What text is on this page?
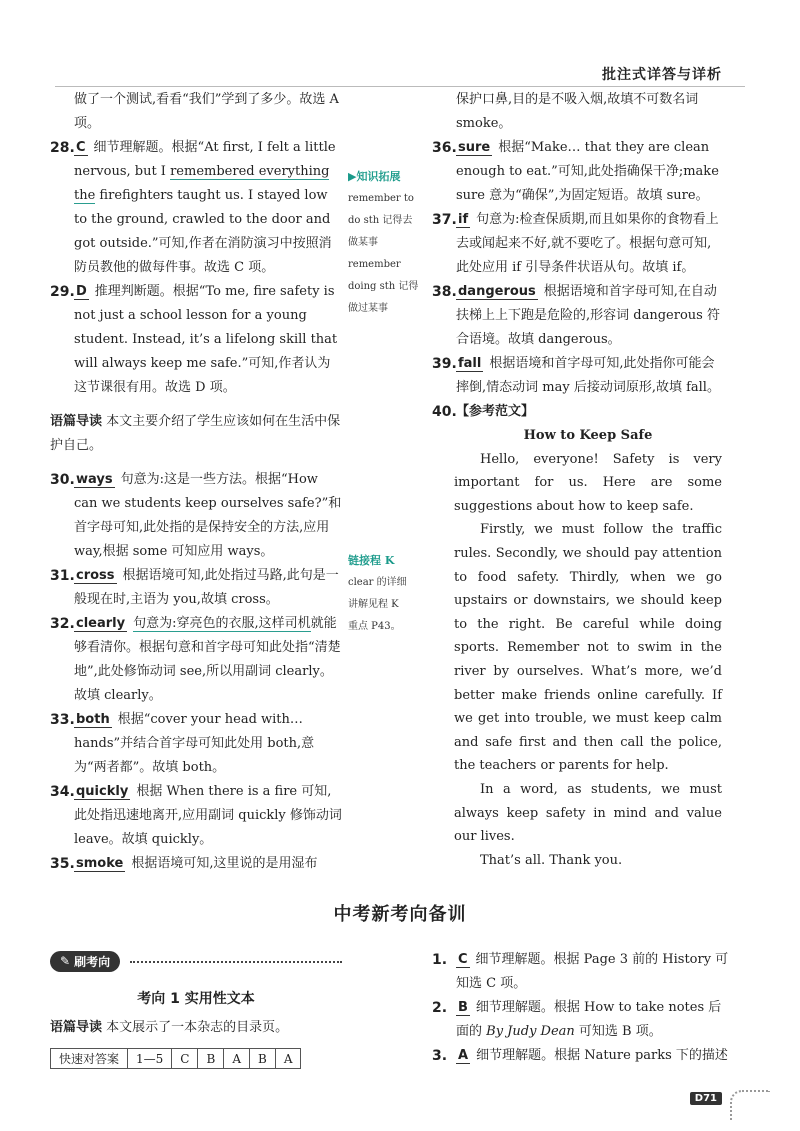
批注式详答与详析
做了一个测试,看看“我们”学到了多少。故选 A 项。
28. C 细节理解题。根据“At first, I felt a little nervous, but I remembered everything the firefighters taught us. I stayed low to the ground, crawled to the door and got outside.”可知,作者在消防演习中按照消防员教他的做每件事。故选 C 项。
29. D 推理判断题。根据“To me, fire safety is not just a school lesson for a young student. Instead, it’s a lifelong skill that will always keep me safe.”可知,作者认为这节课很有用。故选 D 项。
语篇导读 本文主要介绍了学生应该如何在生活中保护自己。
30. ways 句意为:这是一些方法。根据“How can we students keep ourselves safe?”和首字母可知,此处指的是保持安全的方法,应用 way,根据 some 可知应用 ways。
31. cross 根据语境可知,此处指过马路,此句是一般现在时,主语为 you,故填 cross。
32. clearly 句意为:穿亮色的衣服,这样司机就能够看清你。根据句意和首字母可知此处指“清楚地”,此处修饰动词 see,所以用副词 clearly。故填 clearly。
33. both 根据“cover your head with… hands”并结合首字母可知此处用 both,意为“两者都”。故填 both。
34. quickly 根据 When there is a fire 可知,此处指迅速地离开,应用副词 quickly 修饰动词 leave。故填 quickly。
35. smoke 根据语境可知,这里说的是用湿布
▶知识拓展
remember to
do sth 记得去
做某事
remember
doing sth 记得
做过某事
链接程 K
clear 的详细
讲解见程 K
重点 P43。
保护口鼻,目的是不吸入烟,故填不可数名词 smoke。
36. sure 根据“Make… that they are clean enough to eat.”可知,此处指确保干净;make sure 意为“确保”,为固定短语。故填 sure。
37. if 句意为:检查保质期,而且如果你的食物看上去或闻起来不好,就不要吃了。根据句意可知,此处应用 if 引导条件状语从句。故填 if。
38. dangerous 根据语境和首字母可知,在自动扶梯上上下跑是危险的,形容词 dangerous 符合语境。故填 dangerous。
39. fall 根据语境和首字母可知,此处指你可能会摔倒,情态动词 may 后接动词原形,故填 fall。
40. 【参考范文】
How to Keep Safe

Hello, everyone! Safety is very important for us. Here are some suggestions about how to keep safe.

Firstly, we must follow the traffic rules. Secondly, we should pay attention to food safety. Thirdly, when we go upstairs or downstairs, we should keep to the right. Be careful while doing sports. Remember not to swim in the river by ourselves. What’s more, we’d better make friends online carefully. If we get into trouble, we must keep calm and safe first and then call the police, the teachers or parents for help.

In a word, as students, we must always keep safety in mind and value our lives.

That’s all. Thank you.

中考新考向备训
✎ 刷考向
考向 1 实用性文本
语篇导读 本文展示了一本杂志的目录页。
快速对答案	1—5	C	B	A	B	A
1. C 细节理解题。根据 Page 3 前的 History 可知选 C 项。
2. B 细节理解题。根据 How to take notes 后面的 By Judy Dean 可知选 B 项。
3. A 细节理解题。根据 Nature parks 下的描述
D71
